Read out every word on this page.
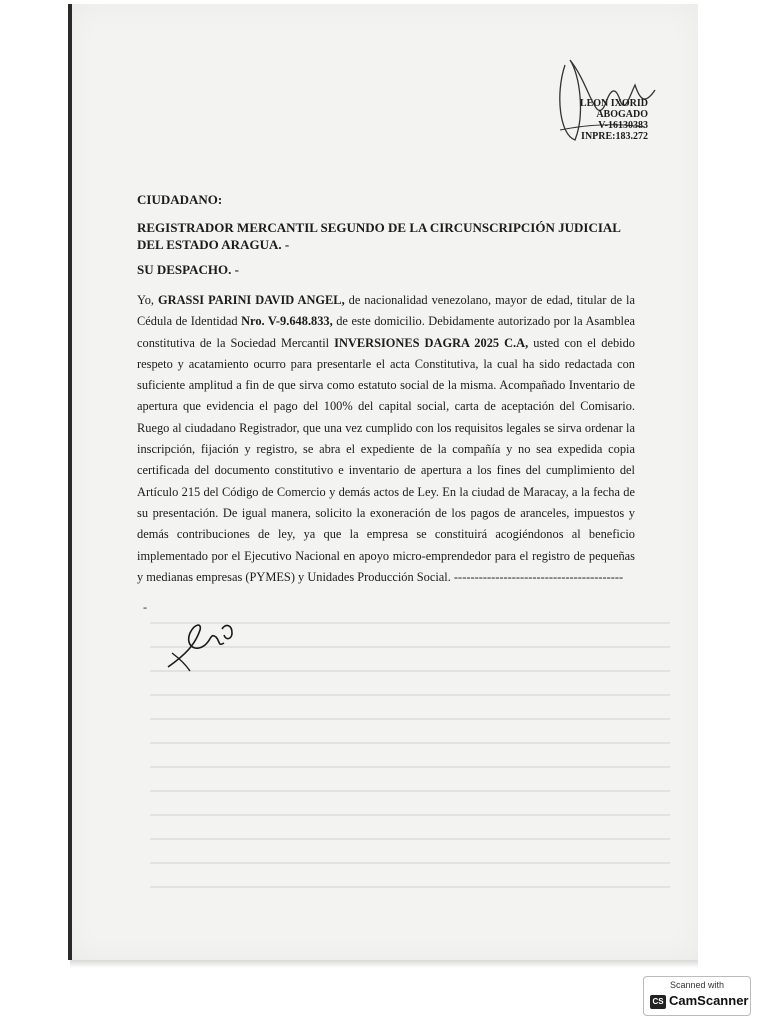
LEON IXORID
ABOGADO
V-16130383
INPRE:183.272
CIUDADANO:
REGISTRADOR MERCANTIL SEGUNDO DE LA CIRCUNSCRIPCIÓN JUDICIAL DEL ESTADO ARAGUA. -
SU DESPACHO. -
Yo, GRASSI PARINI DAVID ANGEL, de nacionalidad venezolano, mayor de edad, titular de la Cédula de Identidad Nro. V-9.648.833, de este domicilio. Debidamente autorizado por la Asamblea constitutiva de la Sociedad Mercantil INVERSIONES DAGRA 2025 C.A, usted con el debido respeto y acatamiento ocurro para presentarle el acta Constitutiva, la cual ha sido redactada con suficiente amplitud a fin de que sirva como estatuto social de la misma. Acompañado Inventario de apertura que evidencia el pago del 100% del capital social, carta de aceptación del Comisario. Ruego al ciudadano Registrador, que una vez cumplido con los requisitos legales se sirva ordenar la inscripción, fijación y registro, se abra el expediente de la compañía y no sea expedida copia certificada del documento constitutivo e inventario de apertura a los fines del cumplimiento del Artículo 215 del Código de Comercio y demás actos de Ley. En la ciudad de Maracay, a la fecha de su presentación. De igual manera, solicito la exoneración de los pagos de aranceles, impuestos y demás contribuciones de ley, ya que la empresa se constituirá acogiéndonos al beneficio implementado por el Ejecutivo Nacional en apoyo micro-emprendedor para el registro de pequeñas y medianas empresas (PYMES) y Unidades Producción Social. -----------------------------------------
-
Scanned with
CS CamScanner
